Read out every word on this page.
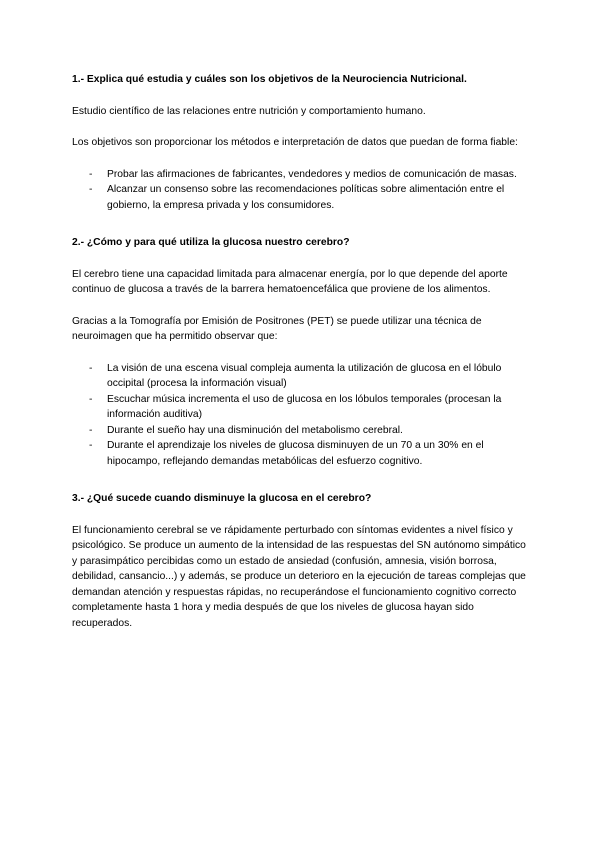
1.- Explica qué estudia y cuáles son los objetivos de la Neurociencia Nutricional.

Estudio científico de las relaciones entre nutrición y comportamiento humano.

Los objetivos son proporcionar los métodos e interpretación de datos que puedan de forma fiable:

- Probar las afirmaciones de fabricantes, vendedores y medios de comunicación de masas.
- Alcanzar un consenso sobre las recomendaciones políticas sobre alimentación entre el gobierno, la empresa privada y los consumidores.
2.- ¿Cómo y para qué utiliza la glucosa nuestro cerebro?

El cerebro tiene una capacidad limitada para almacenar energía, por lo que depende del aporte continuo de glucosa a través de la barrera hematoencefálica que proviene de los alimentos.

Gracias a la Tomografía por Emisión de Positrones (PET) se puede utilizar una técnica de neuroimagen que ha permitido observar que:

- La visión de una escena visual compleja aumenta la utilización de glucosa en el lóbulo occipital (procesa la información visual)
- Escuchar música incrementa el uso de glucosa en los lóbulos temporales (procesan la información auditiva)
- Durante el sueño hay una disminución del metabolismo cerebral.
- Durante el aprendizaje los niveles de glucosa disminuyen de un 70 a un 30% en el hipocampo, reflejando demandas metabólicas del esfuerzo cognitivo.
3.- ¿Qué sucede cuando disminuye la glucosa en el cerebro?

El funcionamiento cerebral se ve rápidamente perturbado con síntomas evidentes a nivel físico y psicológico. Se produce un aumento de la intensidad de las respuestas del SN autónomo simpático y parasimpático percibidas como un estado de ansiedad (confusión, amnesia, visión borrosa, debilidad, cansancio...) y además, se produce un deterioro en la ejecución de tareas complejas que demandan atención y respuestas rápidas, no recuperándose el funcionamiento cognitivo correcto completamente hasta 1 hora y media después de que los niveles de glucosa hayan sido recuperados.
